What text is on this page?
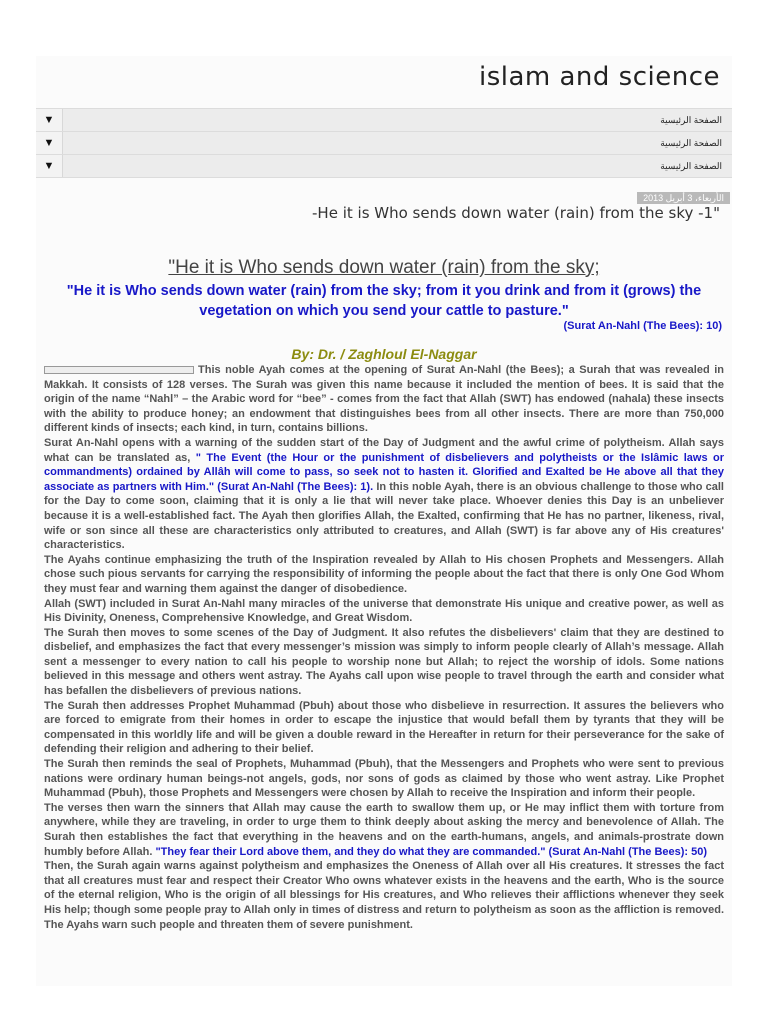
islam and science
▼	الصفحة الرئيسية
▼	الصفحة الرئيسية
▼	الصفحة الرئيسية
الأربعاء، 3 أبريل 2013
-He it is Who sends down water (rain) from the sky -1"
"He it is Who sends down water (rain) from the sky;
"He it is Who sends down water (rain) from the sky; from it you drink and from it (grows) the vegetation on which you send your cattle to pasture."
(Surat An-Nahl (The Bees): 10)
By: Dr. / Zaghloul El-Naggar

This noble Ayah comes at the opening of Surat An-Nahl (the Bees); a Surah that was revealed in Makkah. It consists of 128 verses. The Surah was given this name because it included the mention of bees. It is said that the origin of the name “Nahl” – the Arabic word for “bee” - comes from the fact that Allah (SWT) has endowed (nahala) these insects with the ability to produce honey; an endowment that distinguishes bees from all other insects. There are more than 750,000 different kinds of insects; each kind, in turn, contains billions.

Surat An-Nahl opens with a warning of the sudden start of the Day of Judgment and the awful crime of polytheism. Allah says what can be translated as, " The Event (the Hour or the punishment of disbelievers and polytheists or the Islâmic laws or commandments) ordained by Allâh will come to pass, so seek not to hasten it. Glorified and Exalted be He above all that they associate as partners with Him." (Surat An-Nahl (The Bees): 1). In this noble Ayah, there is an obvious challenge to those who call for the Day to come soon, claiming that it is only a lie that will never take place. Whoever denies this Day is an unbeliever because it is a well-established fact. The Ayah then glorifies Allah, the Exalted, confirming that He has no partner, likeness, rival, wife or son since all these are characteristics only attributed to creatures, and Allah (SWT) is far above any of His creatures' characteristics.

The Ayahs continue emphasizing the truth of the Inspiration revealed by Allah to His chosen Prophets and Messengers. Allah chose such pious servants for carrying the responsibility of informing the people about the fact that there is only One God Whom they must fear and warning them against the danger of disobedience.

Allah (SWT) included in Surat An-Nahl many miracles of the universe that demonstrate His unique and creative power, as well as His Divinity, Oneness, Comprehensive Knowledge, and Great Wisdom.

The Surah then moves to some scenes of the Day of Judgment. It also refutes the disbelievers' claim that they are destined to disbelief, and emphasizes the fact that every messenger’s mission was simply to inform people clearly of Allah’s message. Allah sent a messenger to every nation to call his people to worship none but Allah; to reject the worship of idols. Some nations believed in this message and others went astray. The Ayahs call upon wise people to travel through the earth and consider what has befallen the disbelievers of previous nations.

The Surah then addresses Prophet Muhammad (Pbuh) about those who disbelieve in resurrection. It assures the believers who are forced to emigrate from their homes in order to escape the injustice that would befall them by tyrants that they will be compensated in this worldly life and will be given a double reward in the Hereafter in return for their perseverance for the sake of defending their religion and adhering to their belief.

The Surah then reminds the seal of Prophets, Muhammad (Pbuh), that the Messengers and Prophets who were sent to previous nations were ordinary human beings-not angels, gods, nor sons of gods as claimed by those who went astray. Like Prophet Muhammad (Pbuh), those Prophets and Messengers were chosen by Allah to receive the Inspiration and inform their people.

The verses then warn the sinners that Allah may cause the earth to swallow them up, or He may inflict them with torture from anywhere, while they are traveling, in order to urge them to think deeply about asking the mercy and benevolence of Allah. The Surah then establishes the fact that everything in the heavens and on the earth-humans, angels, and animals-prostrate down humbly before Allah. "They fear their Lord above them, and they do what they are commanded." (Surat An-Nahl (The Bees): 50)

Then, the Surah again warns against polytheism and emphasizes the Oneness of Allah over all His creatures. It stresses the fact that all creatures must fear and respect their Creator Who owns whatever exists in the heavens and the earth, Who is the source of the eternal religion, Who is the origin of all blessings for His creatures, and Who relieves their afflictions whenever they seek His help; though some people pray to Allah only in times of distress and return to polytheism as soon as the affliction is removed. The Ayahs warn such people and threaten them of severe punishment.
